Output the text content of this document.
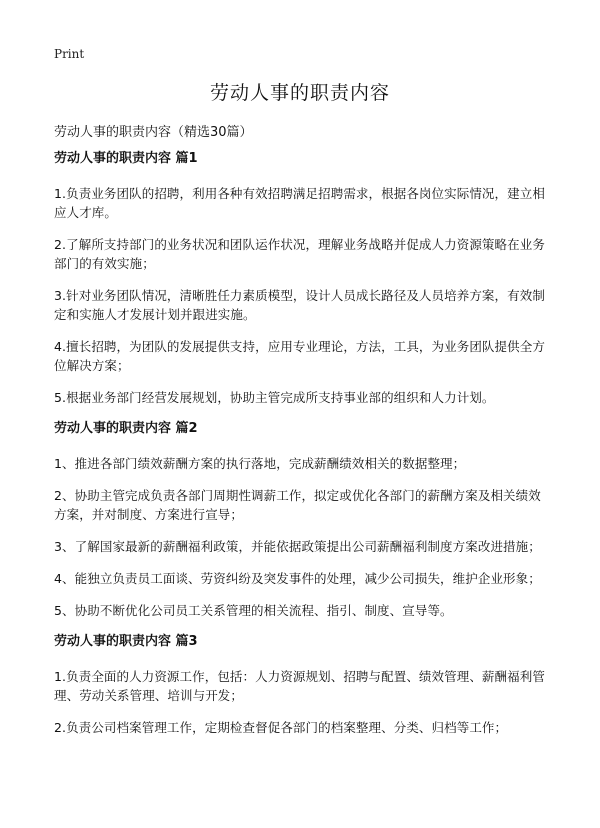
Print
劳动人事的职责内容
劳动人事的职责内容（精选30篇）
劳动人事的职责内容 篇1

1.负责业务团队的招聘，利用各种有效招聘满足招聘需求，根据各岗位实际情况，建立相应人才库。

2.了解所支持部门的业务状况和团队运作状况，理解业务战略并促成人力资源策略在业务部门的有效实施；

3.针对业务团队情况，清晰胜任力素质模型，设计人员成长路径及人员培养方案，有效制定和实施人才发展计划并跟进实施。

4.擅长招聘，为团队的发展提供支持，应用专业理论，方法，工具，为业务团队提供全方位解决方案；

5.根据业务部门经营发展规划，协助主管完成所支持事业部的组织和人力计划。

劳动人事的职责内容 篇2

1、推进各部门绩效薪酬方案的执行落地，完成薪酬绩效相关的数据整理；

2、协助主管完成负责各部门周期性调薪工作，拟定或优化各部门的薪酬方案及相关绩效方案，并对制度、方案进行宣导；

3、了解国家最新的薪酬福利政策，并能依据政策提出公司薪酬福利制度方案改进措施；

4、能独立负责员工面谈、劳资纠纷及突发事件的处理，减少公司损失，维护企业形象；

5、协助不断优化公司员工关系管理的相关流程、指引、制度、宣导等。

劳动人事的职责内容 篇3

1.负责全面的人力资源工作，包括：人力资源规划、招聘与配置、绩效管理、薪酬福利管理、劳动关系管理、培训与开发；

2.负责公司档案管理工作，定期检查督促各部门的档案整理、分类、归档等工作；
